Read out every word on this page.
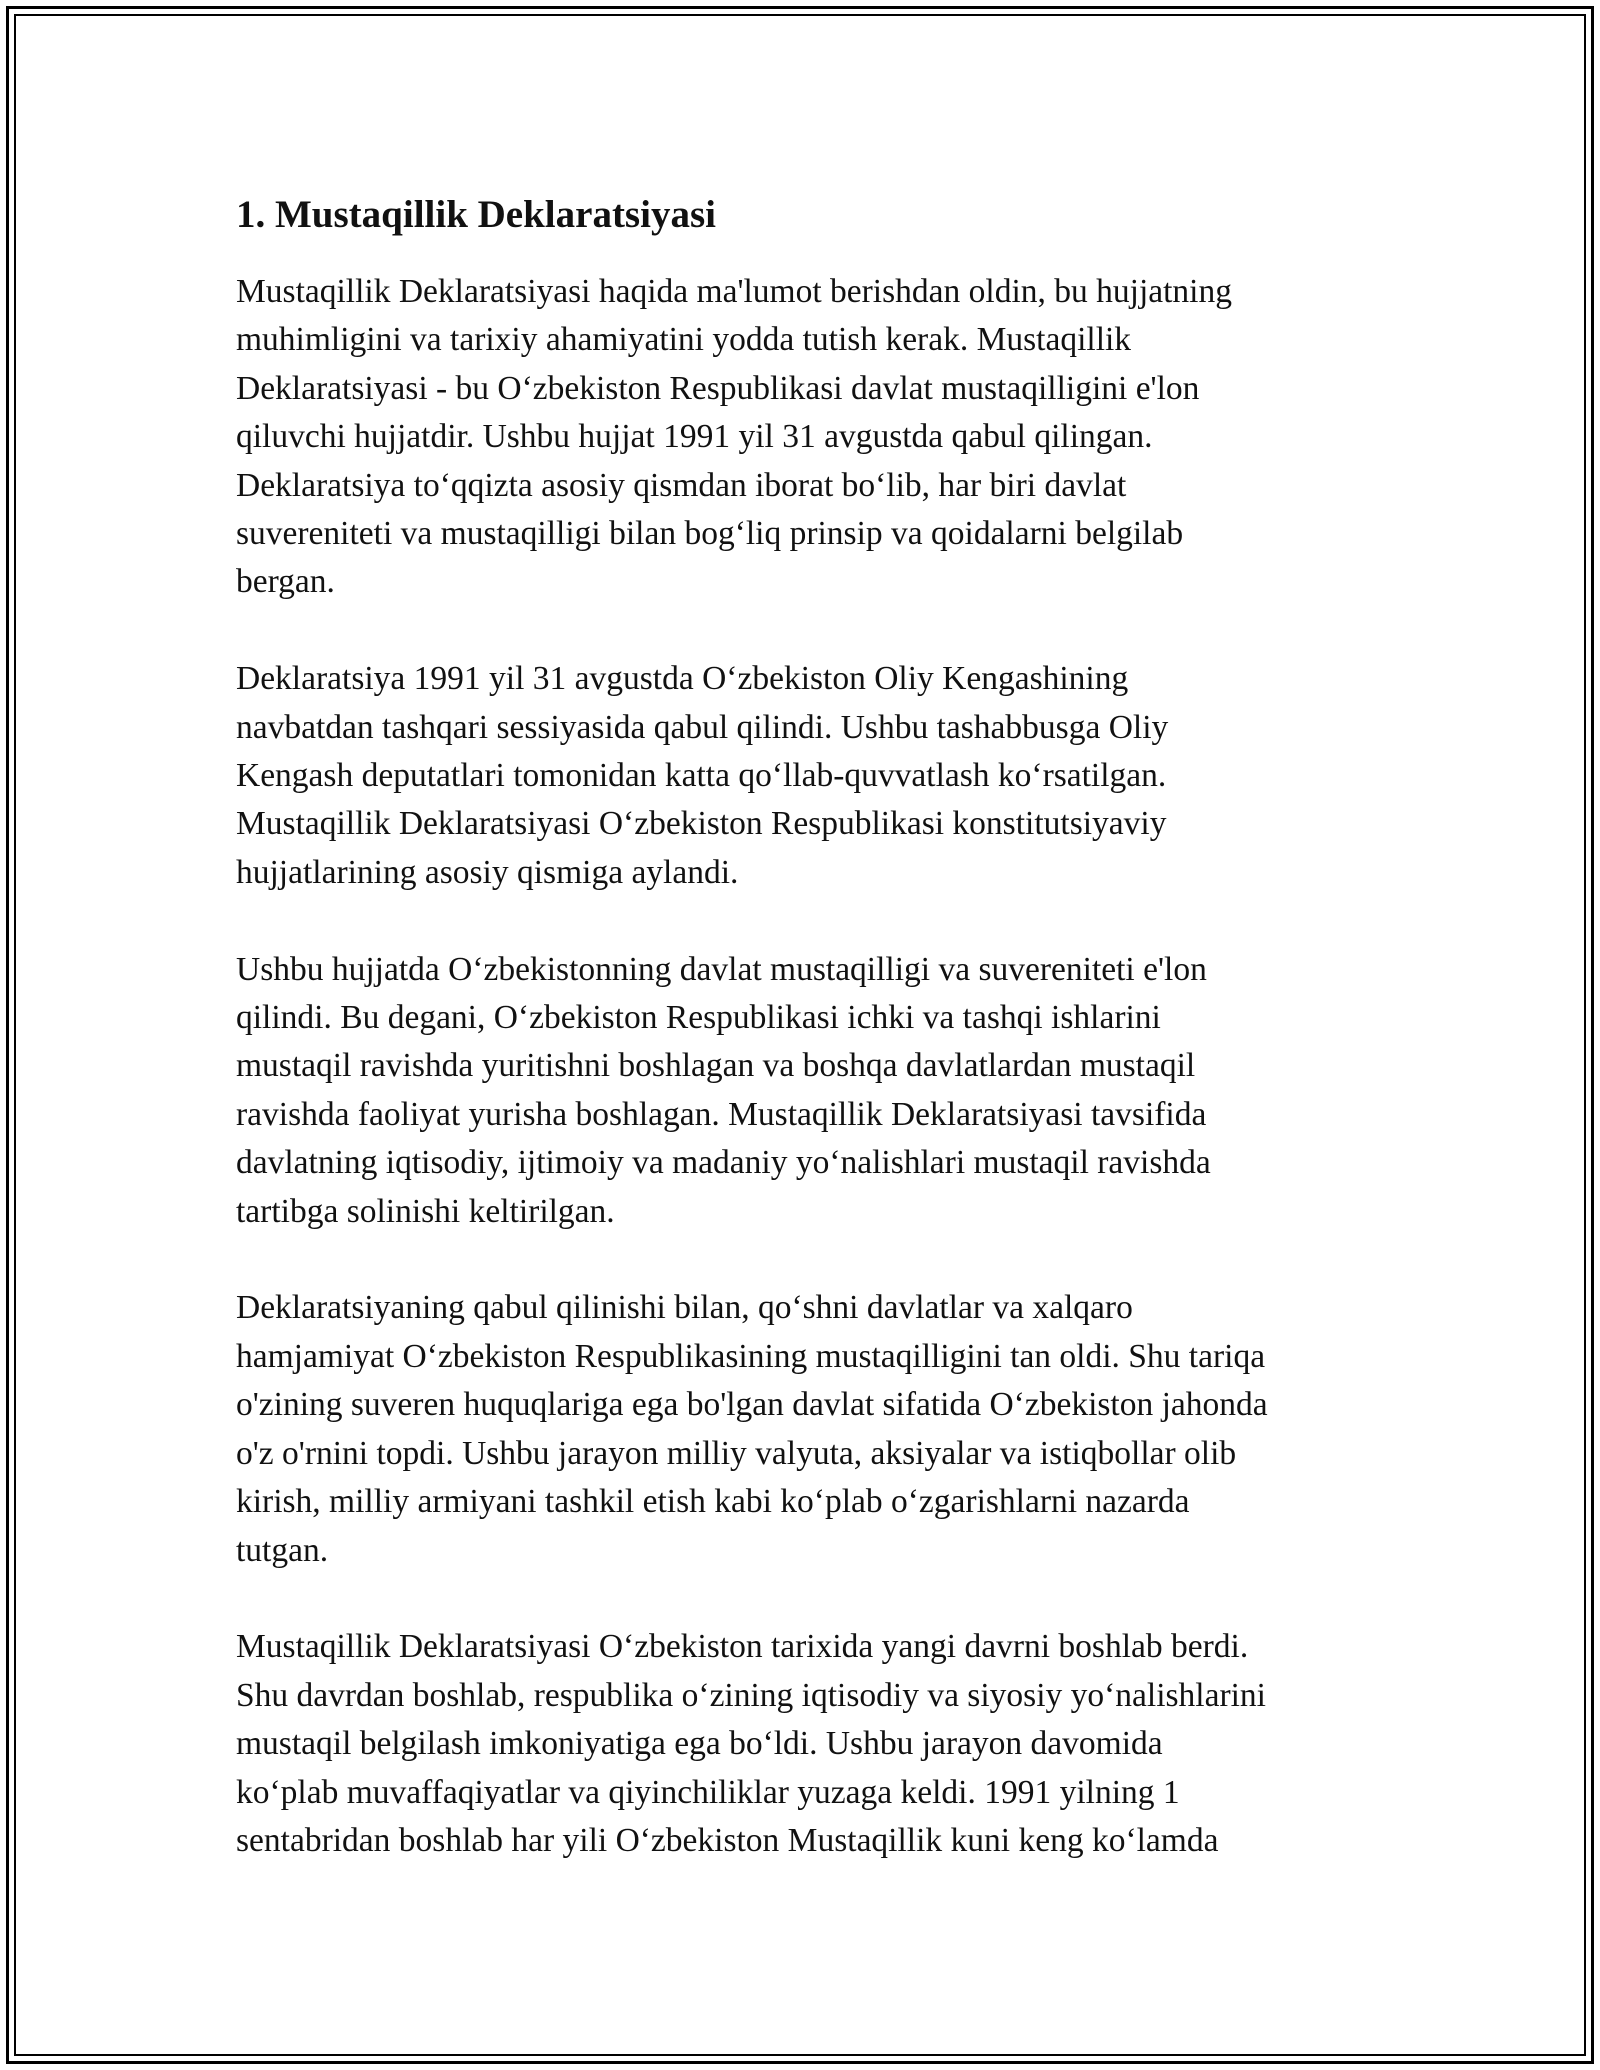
1. Mustaqillik Deklaratsiyasi
Mustaqillik Deklaratsiyasi haqida ma'lumot berishdan oldin, bu hujjatning
muhimligini va tarixiy ahamiyatini yodda tutish kerak. Mustaqillik
Deklaratsiyasi - bu O‘zbekiston Respublikasi davlat mustaqilligini e'lon
qiluvchi hujjatdir. Ushbu hujjat 1991 yil 31 avgustda qabul qilingan.
Deklaratsiya to‘qqizta asosiy qismdan iborat bo‘lib, har biri davlat
suvereniteti va mustaqilligi bilan bog‘liq prinsip va qoidalarni belgilab
bergan.
Deklaratsiya 1991 yil 31 avgustda O‘zbekiston Oliy Kengashining
navbatdan tashqari sessiyasida qabul qilindi. Ushbu tashabbusga Oliy
Kengash deputatlari tomonidan katta qo‘llab-quvvatlash ko‘rsatilgan.
Mustaqillik Deklaratsiyasi O‘zbekiston Respublikasi konstitutsiyaviy
hujjatlarining asosiy qismiga aylandi.
Ushbu hujjatda O‘zbekistonning davlat mustaqilligi va suvereniteti e'lon
qilindi. Bu degani, O‘zbekiston Respublikasi ichki va tashqi ishlarini
mustaqil ravishda yuritishni boshlagan va boshqa davlatlardan mustaqil
ravishda faoliyat yurisha boshlagan. Mustaqillik Deklaratsiyasi tavsifida
davlatning iqtisodiy, ijtimoiy va madaniy yo‘nalishlari mustaqil ravishda
tartibga solinishi keltirilgan.
Deklaratsiyaning qabul qilinishi bilan, qo‘shni davlatlar va xalqaro
hamjamiyat O‘zbekiston Respublikasining mustaqilligini tan oldi. Shu tariqa
o'zining suveren huquqlariga ega bo'lgan davlat sifatida O‘zbekiston jahonda
o'z o'rnini topdi. Ushbu jarayon milliy valyuta, aksiyalar va istiqbollar olib
kirish, milliy armiyani tashkil etish kabi ko‘plab o‘zgarishlarni nazarda
tutgan.
Mustaqillik Deklaratsiyasi O‘zbekiston tarixida yangi davrni boshlab berdi.
Shu davrdan boshlab, respublika o‘zining iqtisodiy va siyosiy yo‘nalishlarini
mustaqil belgilash imkoniyatiga ega bo‘ldi. Ushbu jarayon davomida
ko‘plab muvaffaqiyatlar va qiyinchiliklar yuzaga keldi. 1991 yilning 1
sentabridan boshlab har yili O‘zbekiston Mustaqillik kuni keng ko‘lamda
